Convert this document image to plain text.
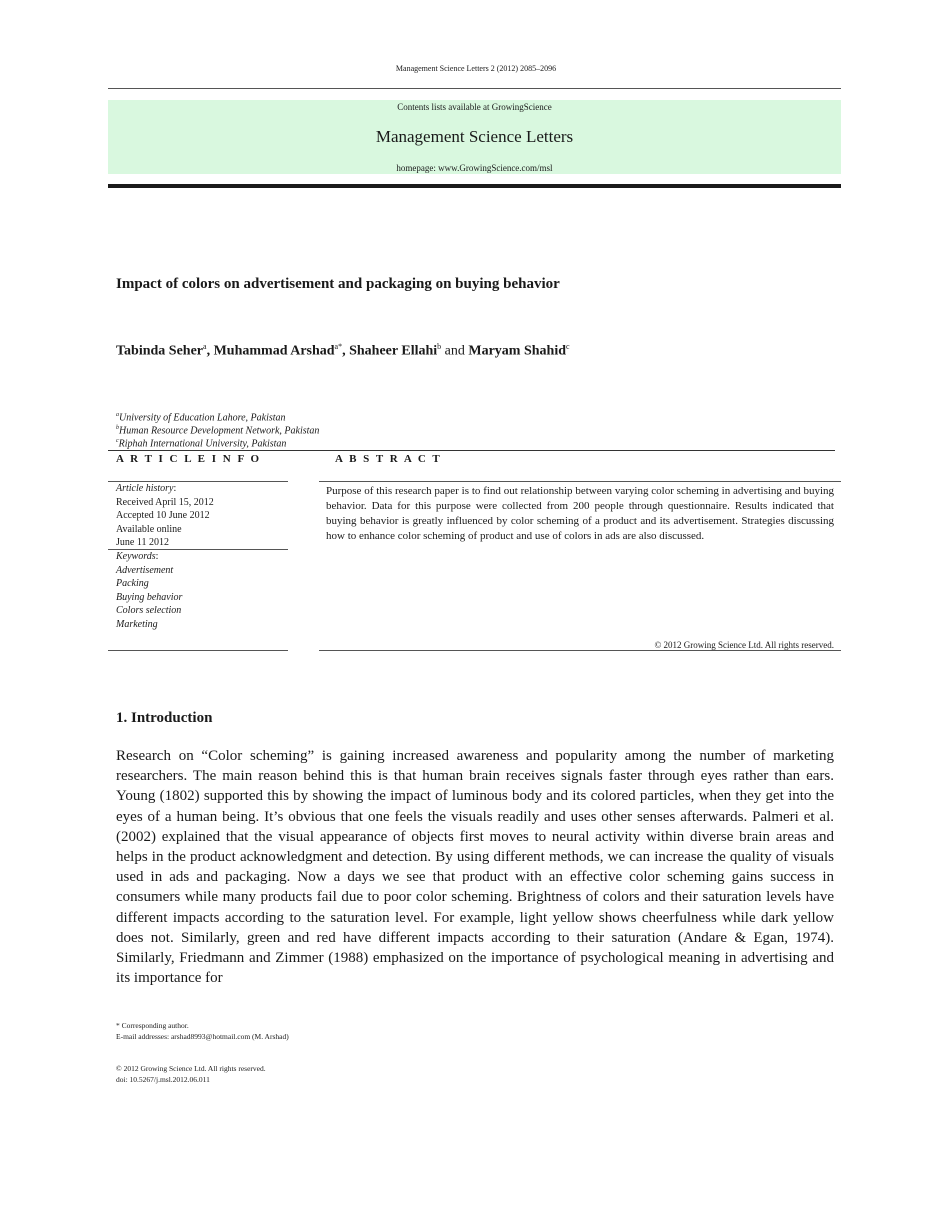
Management Science Letters 2 (2012) 2085–2096
Contents lists available at GrowingScience
Management Science Letters
homepage: www.GrowingScience.com/msl
Impact of colors on advertisement and packaging on buying behavior
Tabinda Seher$^a$, Muhammad Arshad$^{a*}$, Shaheer Ellahi$^b$ and Maryam Shahid$^c$
$^a$University of Education Lahore, Pakistan
$^b$Human Resource Development Network, Pakistan
$^c$Riphah International University, Pakistan
A R T I C L E I N F O	A B S T R A C T
Article history:
Received April 15, 2012
Accepted 10 June 2012
Available online
June 11 2012
Keywords:
Advertisement
Packing
Buying behavior
Colors selection
Marketing
Purpose of this research paper is to find out relationship between varying color scheming in advertising and buying behavior. Data for this purpose were collected from 200 people through questionnaire. Results indicated that buying behavior is greatly influenced by color scheming of a product and its advertisement. Strategies discussing how to enhance color scheming of product and use of colors in ads are also discussed.
© 2012 Growing Science Ltd. All rights reserved.
1. Introduction
Research on “Color scheming” is gaining increased awareness and popularity among the number of marketing researchers. The main reason behind this is that human brain receives signals faster through eyes rather than ears. Young (1802) supported this by showing the impact of luminous body and its colored particles, when they get into the eyes of a human being. It’s obvious that one feels the visuals readily and uses other senses afterwards. Palmeri et al. (2002) explained that the visual appearance of objects first moves to neural activity within diverse brain areas and helps in the product acknowledgment and detection. By using different methods, we can increase the quality of visuals used in ads and packaging. Now a days we see that product with an effective color scheming gains success in consumers while many products fail due to poor color scheming. Brightness of colors and their saturation levels have different impacts according to the saturation level. For example, light yellow shows cheerfulness while dark yellow does not. Similarly, green and red have different impacts according to their saturation (Andare & Egan, 1974). Similarly, Friedmann and Zimmer (1988) emphasized on the importance of psychological meaning in advertising and its importance for
* Corresponding author.
E-mail addresses: arshad8993@hotmail.com (M. Arshad)
© 2012 Growing Science Ltd. All rights reserved.
doi: 10.5267/j.msl.2012.06.011
